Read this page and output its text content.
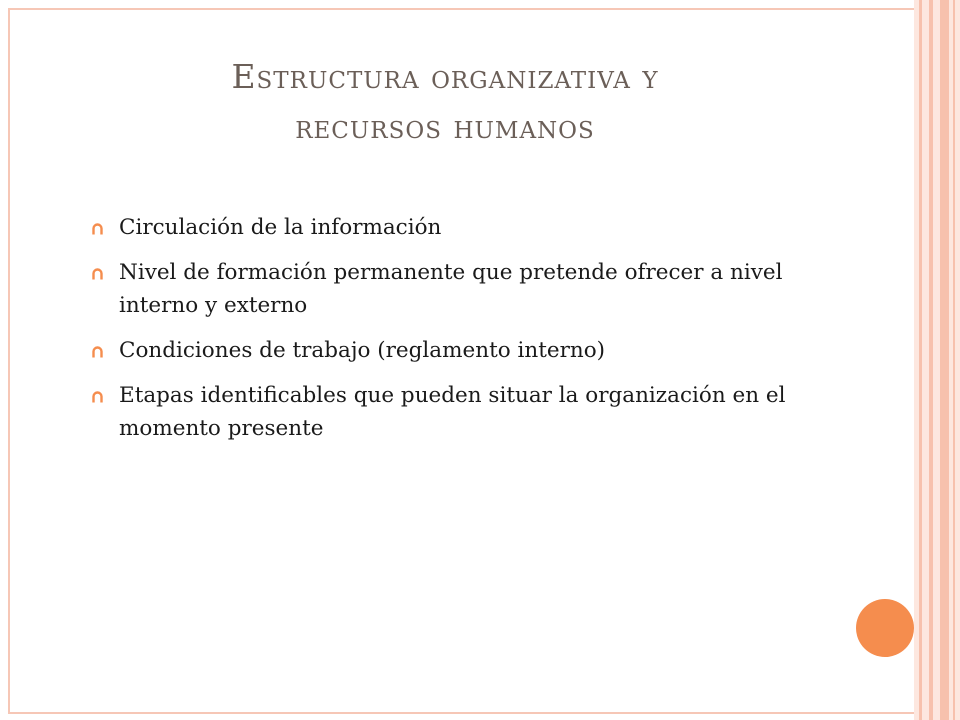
Estructura organizativa y
recursos humanos
Circulación de la información
Nivel de formación permanente que pretende ofrecer a nivel interno y externo
Condiciones de trabajo (reglamento interno)
Etapas identificables que pueden situar la organización en el momento presente
